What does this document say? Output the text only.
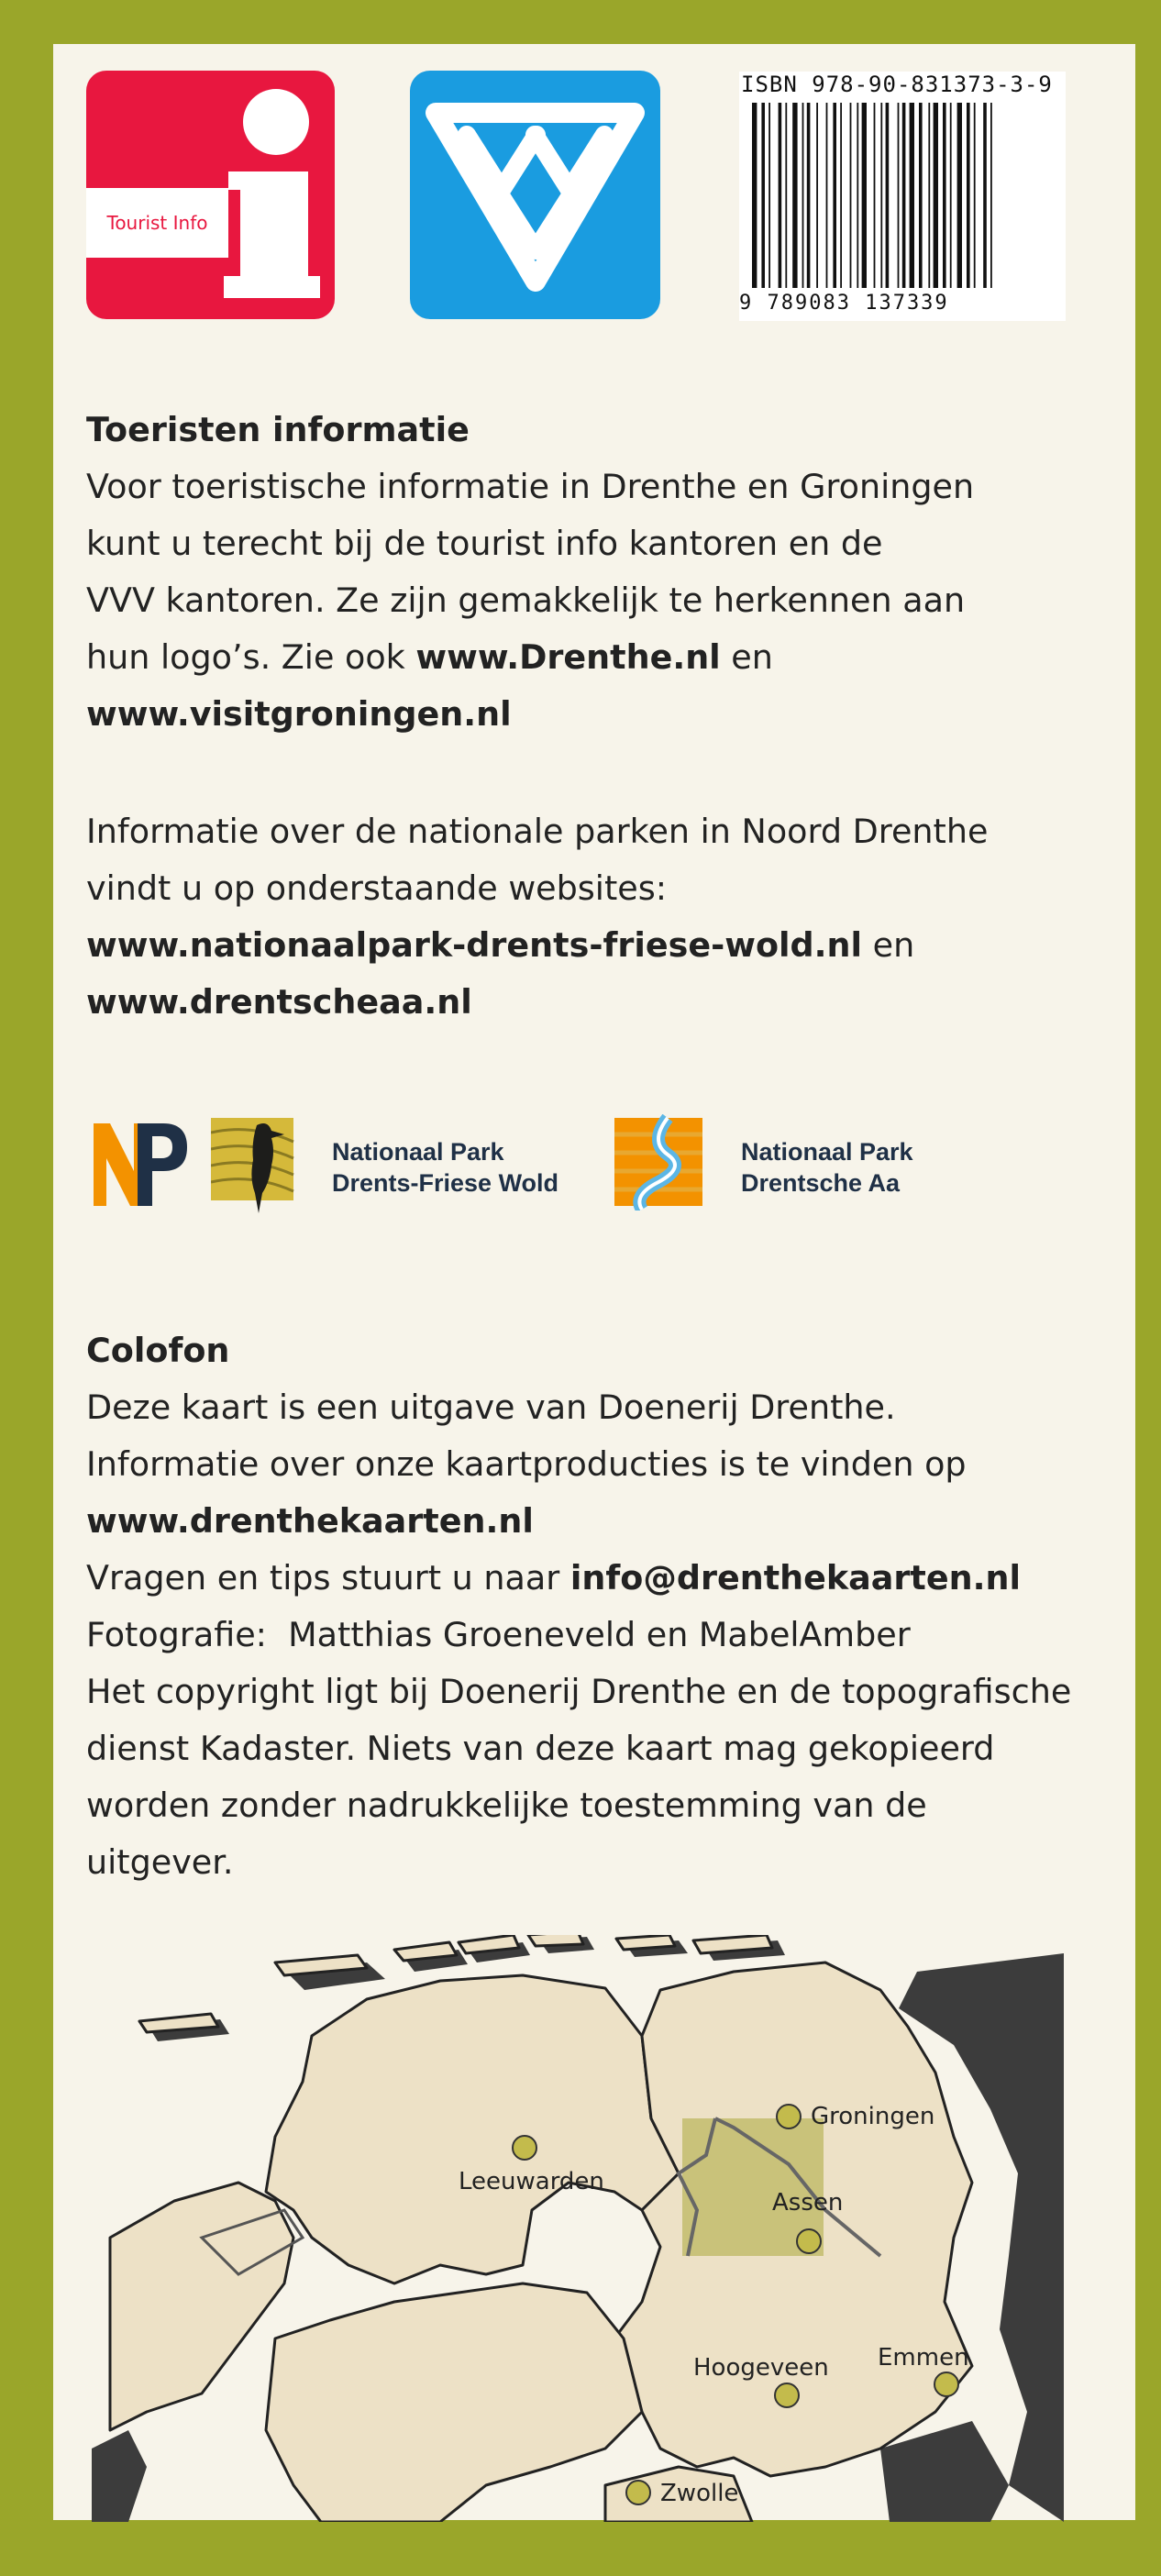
Tourist Info
ISBN 978-90-831373-3-9
9 789083 137339

Toeristen informatie

Voor toeristische informatie in Drenthe en Groningen

kunt u terecht bij de tourist info kantoren en de

VVV kantoren. Ze zijn gemakkelijk te herkennen aan

hun logo’s. Zie ook www.Drenthe.nl en

www.visitgroningen.nl

Informatie over de nationale parken in Noord Drenthe

vindt u op onderstaande websites:

www.nationaalpark-drents-friese-wold.nl en

www.drentscheaa.nl

Nationaal Park
Drents-Friese Wold
Nationaal Park
Drentsche Aa

Colofon

Deze kaart is een uitgave van Doenerij Drenthe.

Informatie over onze kaartproducties is te vinden op

www.drenthekaarten.nl

Vragen en tips stuurt u naar info@drenthekaarten.nl

Fotografie:  Matthias Groeneveld en MabelAmber

Het copyright ligt bij Doenerij Drenthe en de topografische

dienst Kadaster. Niets van deze kaart mag gekopieerd

worden zonder nadrukkelijke toestemming van de

uitgever.

Leeuwarden
Groningen
Assen
Hoogeveen Emmen
Zwolle
